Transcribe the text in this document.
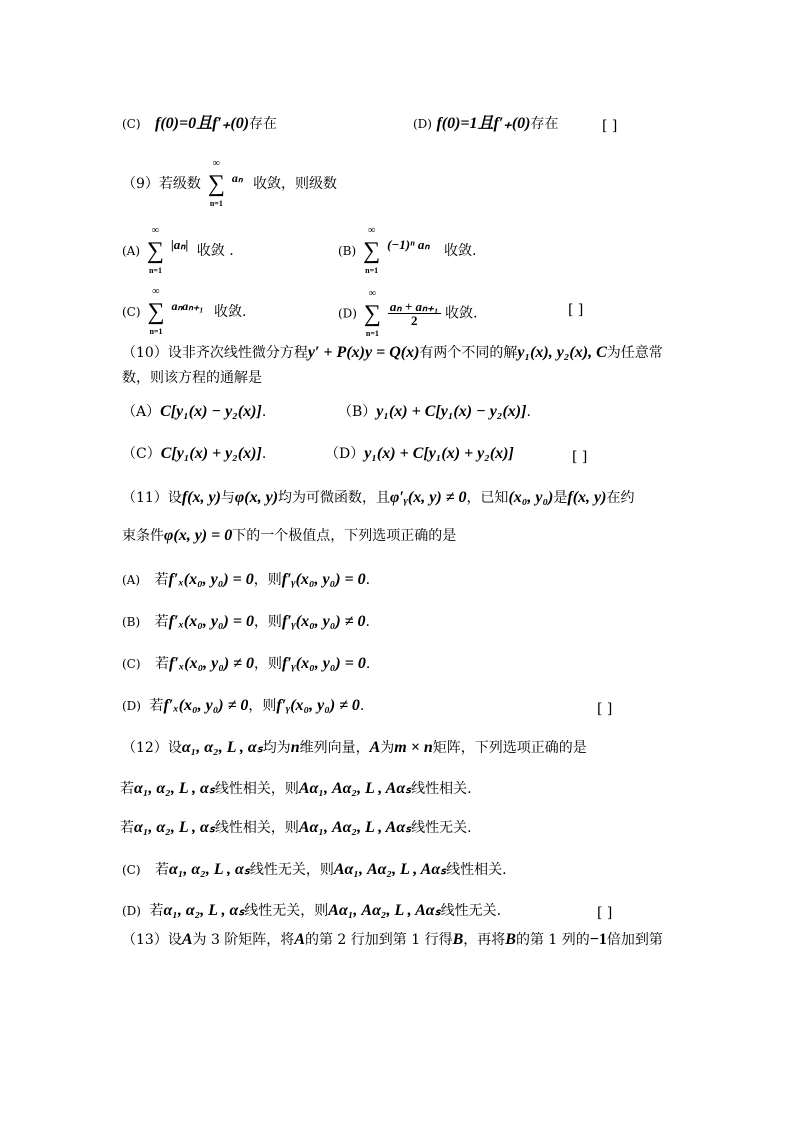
(C) f(0)=0且f′₊(0)存在	(D) f(0)=1且f′₊(0)存在	[ ]
（9）若级数 ∑
∞
n=1
aₙ 收敛，则级数
(A) ∑
∞
n=1
|aₙ| 收敛 .	(B) ∑
∞
n=1
(−1)ⁿ aₙ 收敛.
(C) ∑
∞
n=1
aₙaₙ₊₁ 收敛.	(D) ∑
∞
n=1

$\frac{\text{aₙ + aₙ₊₁}}{2}$ 收敛.	[ ]
（10）设非齐次线性微分方程y′ + P(x)y = Q(x)有两个不同的解y₁(x), y₂(x), C为任意常
数，则该方程的通解是
（A）C[y₁(x) − y₂(x)].	（B）y₁(x) + C[y₁(x) − y₂(x)].
（C）C[y₁(x) + y₂(x)].	（D）y₁(x) + C[y₁(x) + y₂(x)]	[ ]
（11）设f(x, y)与φ(x, y)均为可微函数，且φ′ᵧ(x, y) ≠ 0，已知(x₀, y₀)是f(x, y)在约
束条件φ(x, y) = 0下的一个极值点，下列选项正确的是
(A) 若f′ₓ(x₀, y₀) = 0，则f′ᵧ(x₀, y₀) = 0.
(B) 若f′ₓ(x₀, y₀) = 0，则f′ᵧ(x₀, y₀) ≠ 0.
(C) 若f′ₓ(x₀, y₀) ≠ 0，则f′ᵧ(x₀, y₀) = 0.
(D) 若f′ₓ(x₀, y₀) ≠ 0，则f′ᵧ(x₀, y₀) ≠ 0.	[ ]
（12）设α₁, α₂, L , αₛ均为n维列向量，A为m × n矩阵，下列选项正确的是
若α₁, α₂, L , αₛ线性相关，则Aα₁, Aα₂, L , Aαₛ线性相关.
若α₁, α₂, L , αₛ线性相关，则Aα₁, Aα₂, L , Aαₛ线性无关.
(C) 若α₁, α₂, L , αₛ线性无关，则Aα₁, Aα₂, L , Aαₛ线性相关.
(D) 若α₁, α₂, L , αₛ线性无关，则Aα₁, Aα₂, L , Aαₛ线性无关.	[ ]
（13）设A为 3 阶矩阵，将A的第 2 行加到第 1 行得B，再将B的第 1 列的−1倍加到第
